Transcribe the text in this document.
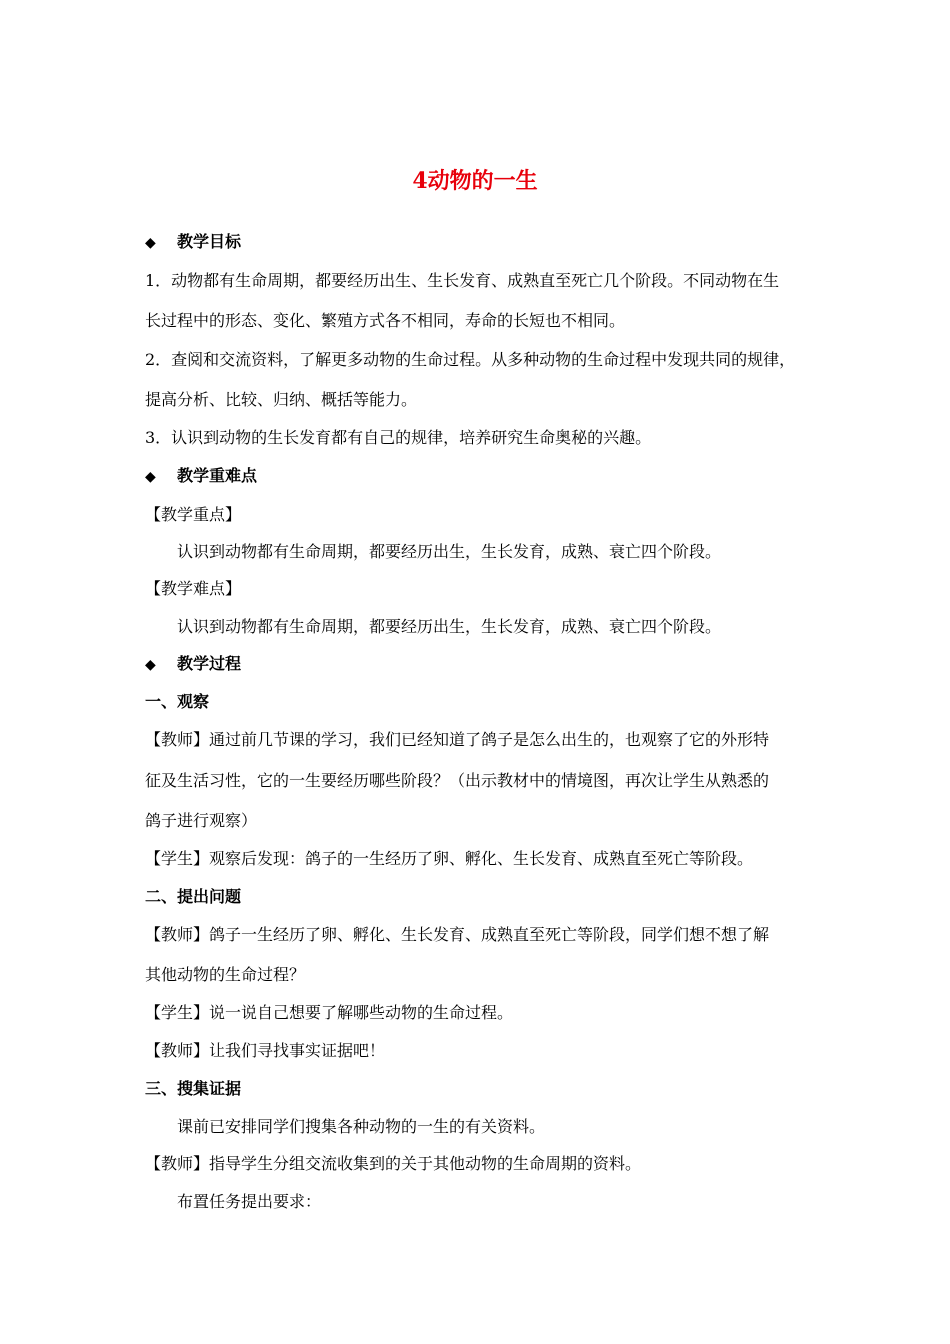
4动物的一生
◆ 教学目标
1．动物都有生命周期，都要经历出生、生长发育、成熟直至死亡几个阶段。不同动物在生
长过程中的形态、变化、繁殖方式各不相同，寿命的长短也不相同。
2．查阅和交流资料，了解更多动物的生命过程。从多种动物的生命过程中发现共同的规律，
提高分析、比较、归纳、概括等能力。
3．认识到动物的生长发育都有自己的规律，培养研究生命奥秘的兴趣。
◆ 教学重难点
【教学重点】
认识到动物都有生命周期，都要经历出生，生长发育，成熟、衰亡四个阶段。
【教学难点】
认识到动物都有生命周期，都要经历出生，生长发育，成熟、衰亡四个阶段。
◆ 教学过程
一、观察
【教师】通过前几节课的学习，我们已经知道了鸽子是怎么出生的，也观察了它的外形特
征及生活习性，它的一生要经历哪些阶段？（出示教材中的情境图，再次让学生从熟悉的
鸽子进行观察）
【学生】观察后发现：鸽子的一生经历了卵、孵化、生长发育、成熟直至死亡等阶段。
二、提出问题
【教师】鸽子一生经历了卵、孵化、生长发育、成熟直至死亡等阶段，同学们想不想了解
其他动物的生命过程？
【学生】说一说自己想要了解哪些动物的生命过程。
【教师】让我们寻找事实证据吧！
三、搜集证据
课前已安排同学们搜集各种动物的一生的有关资料。
【教师】指导学生分组交流收集到的关于其他动物的生命周期的资料。
布置任务提出要求：
